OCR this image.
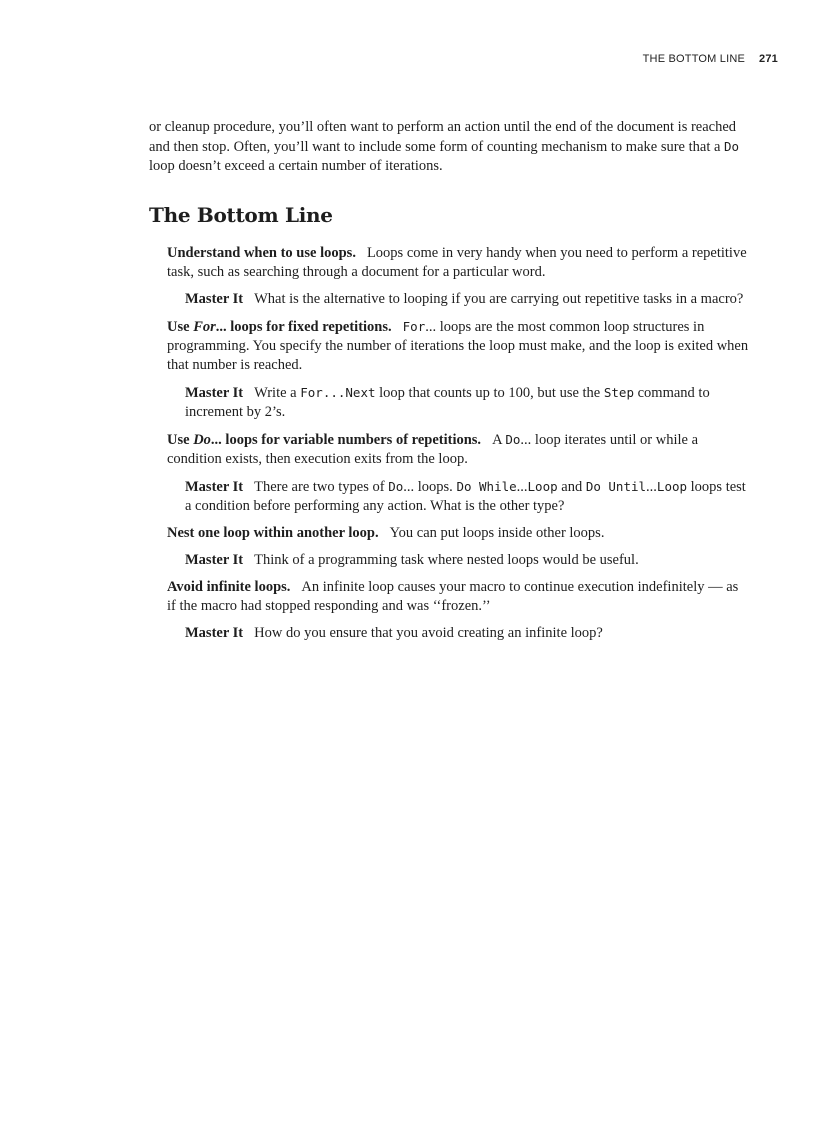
THE BOTTOM LINE 271
or cleanup procedure, you’ll often want to perform an action until the end of the document is reached and then stop. Often, you’ll want to include some form of counting mechanism to make sure that a Do loop doesn’t exceed a certain number of iterations.
The Bottom Line

Understand when to use loops. Loops come in very handy when you need to perform a repetitive task, such as searching through a document for a particular word.

Master It What is the alternative to looping if you are carrying out repetitive tasks in a macro?

Use For... loops for fixed repetitions. For... loops are the most common loop structures in programming. You specify the number of iterations the loop must make, and the loop is exited when that number is reached.

Master It Write a For...Next loop that counts up to 100, but use the Step command to increment by 2’s.

Use Do... loops for variable numbers of repetitions. A Do... loop iterates until or while a condition exists, then execution exits from the loop.

Master It There are two types of Do... loops. Do While...Loop and Do Until...Loop loops test a condition before performing any action. What is the other type?

Nest one loop within another loop. You can put loops inside other loops.

Master It Think of a programming task where nested loops would be useful.

Avoid infinite loops. An infinite loop causes your macro to continue execution indefinitely — as if the macro had stopped responding and was ‘‘frozen.’’

Master It How do you ensure that you avoid creating an infinite loop?
